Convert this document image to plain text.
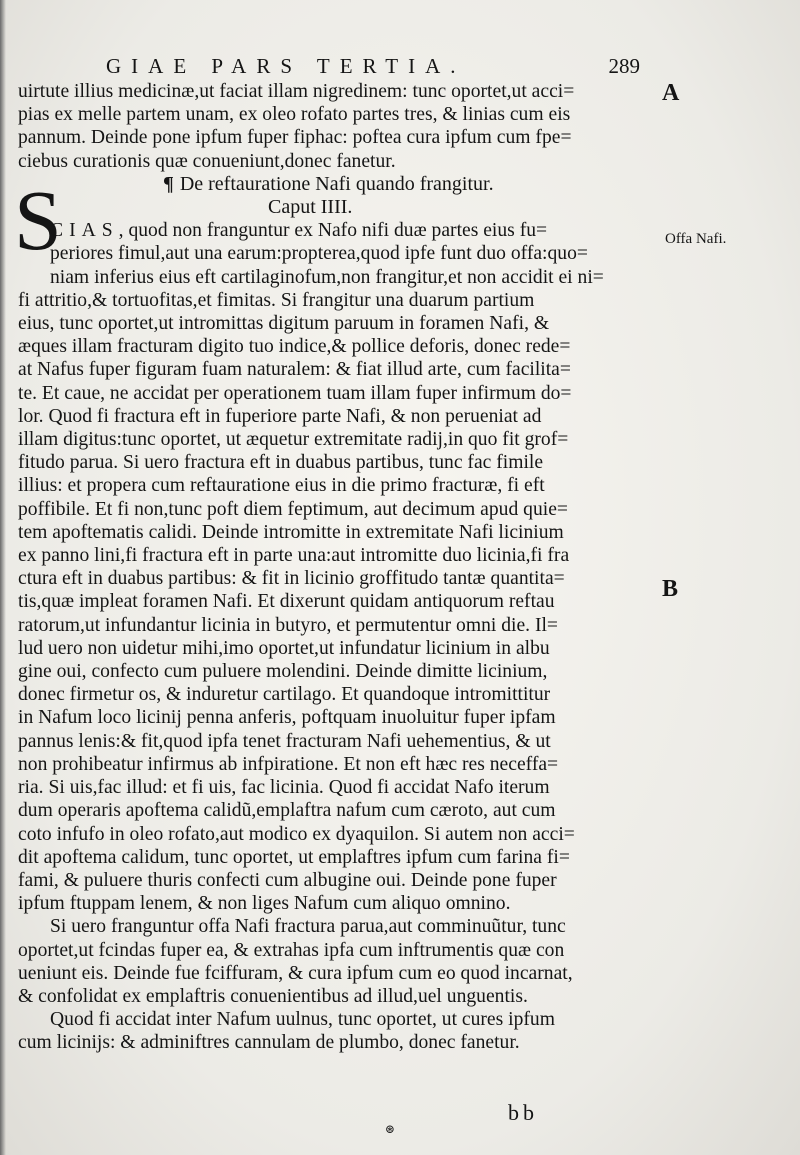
GIAE PARS TERTIA.	289
A
B
Offa Nafi.
S
uirtute illius medicinæ,ut faciat illam nigredinem: tunc oportet,ut acci=
pias ex melle partem unam, ex oleo rofato partes tres, & linias cum eis
pannum. Deinde pone ipfum fuper fiphac: poftea cura ipfum cum fpe=
ciebus curationis quæ conueniunt,donec fanetur.
¶ De reftauratione Nafi quando frangitur.
Caput IIII.
CIAS, quod non franguntur ex Nafo nifi duæ partes eius fu=
periores fimul,aut una earum:propterea,quod ipfe funt duo offa:quo=
niam inferius eius eft cartilaginofum,non frangitur,et non accidit ei ni=
fi attritio,& tortuofitas,et fimitas. Si frangitur una duarum partium
eius, tunc oportet,ut intromittas digitum paruum in foramen Nafi, &
æques illam fracturam digito tuo indice,& pollice deforis, donec rede=
at Nafus fuper figuram fuam naturalem: & fiat illud arte, cum facilita=
te. Et caue, ne accidat per operationem tuam illam fuper infirmum do=
lor. Quod fi fractura eft in fuperiore parte Nafi, & non perueniat ad
illam digitus:tunc oportet, ut æquetur extremitate radij,in quo fit grof=
fitudo parua. Si uero fractura eft in duabus partibus, tunc fac fimile
illius: et propera cum reftauratione eius in die primo fracturæ, fi eft
poffibile. Et fi non,tunc poft diem feptimum, aut decimum apud quie=
tem apoftematis calidi. Deinde intromitte in extremitate Nafi licinium
ex panno lini,fi fractura eft in parte una:aut intromitte duo licinia,fi fra
ctura eft in duabus partibus: & fit in licinio groffitudo tantæ quantita=
tis,quæ impleat foramen Nafi. Et dixerunt quidam antiquorum reftau
ratorum,ut infundantur licinia in butyro, et permutentur omni die. Il=
lud uero non uidetur mihi,imo oportet,ut infundatur licinium in albu
gine oui, confecto cum puluere molendini. Deinde dimitte licinium,
donec firmetur os, & induretur cartilago. Et quandoque intromittitur
in Nafum loco licinij penna anferis, poftquam inuoluitur fuper ipfam
pannus lenis:& fit,quod ipfa tenet fracturam Nafi uehementius, & ut
non prohibeatur infirmus ab infpiratione. Et non eft hæc res neceffa=
ria. Si uis,fac illud: et fi uis, fac licinia. Quod fi accidat Nafo iterum
dum operaris apoftema calidũ,emplaftra nafum cum cæroto, aut cum
coto infufo in oleo rofato,aut modico ex dyaquilon. Si autem non acci=
dit apoftema calidum, tunc oportet, ut emplaftres ipfum cum farina fi=
fami, & puluere thuris confecti cum albugine oui. Deinde pone fuper
ipfum ftuppam lenem, & non liges Nafum cum aliquo omnino.
Si uero franguntur offa Nafi fractura parua,aut comminuũtur, tunc
oportet,ut fcindas fuper ea, & extrahas ipfa cum inftrumentis quæ con
ueniunt eis. Deinde fue fciffuram, & cura ipfum cum eo quod incarnat,
& confolidat ex emplaftris conuenientibus ad illud,uel unguentis.
Quod fi accidat inter Nafum uulnus, tunc oportet, ut cures ipfum
cum licinijs: & adminiftres cannulam de plumbo, donec fanetur.
bb
⊛
